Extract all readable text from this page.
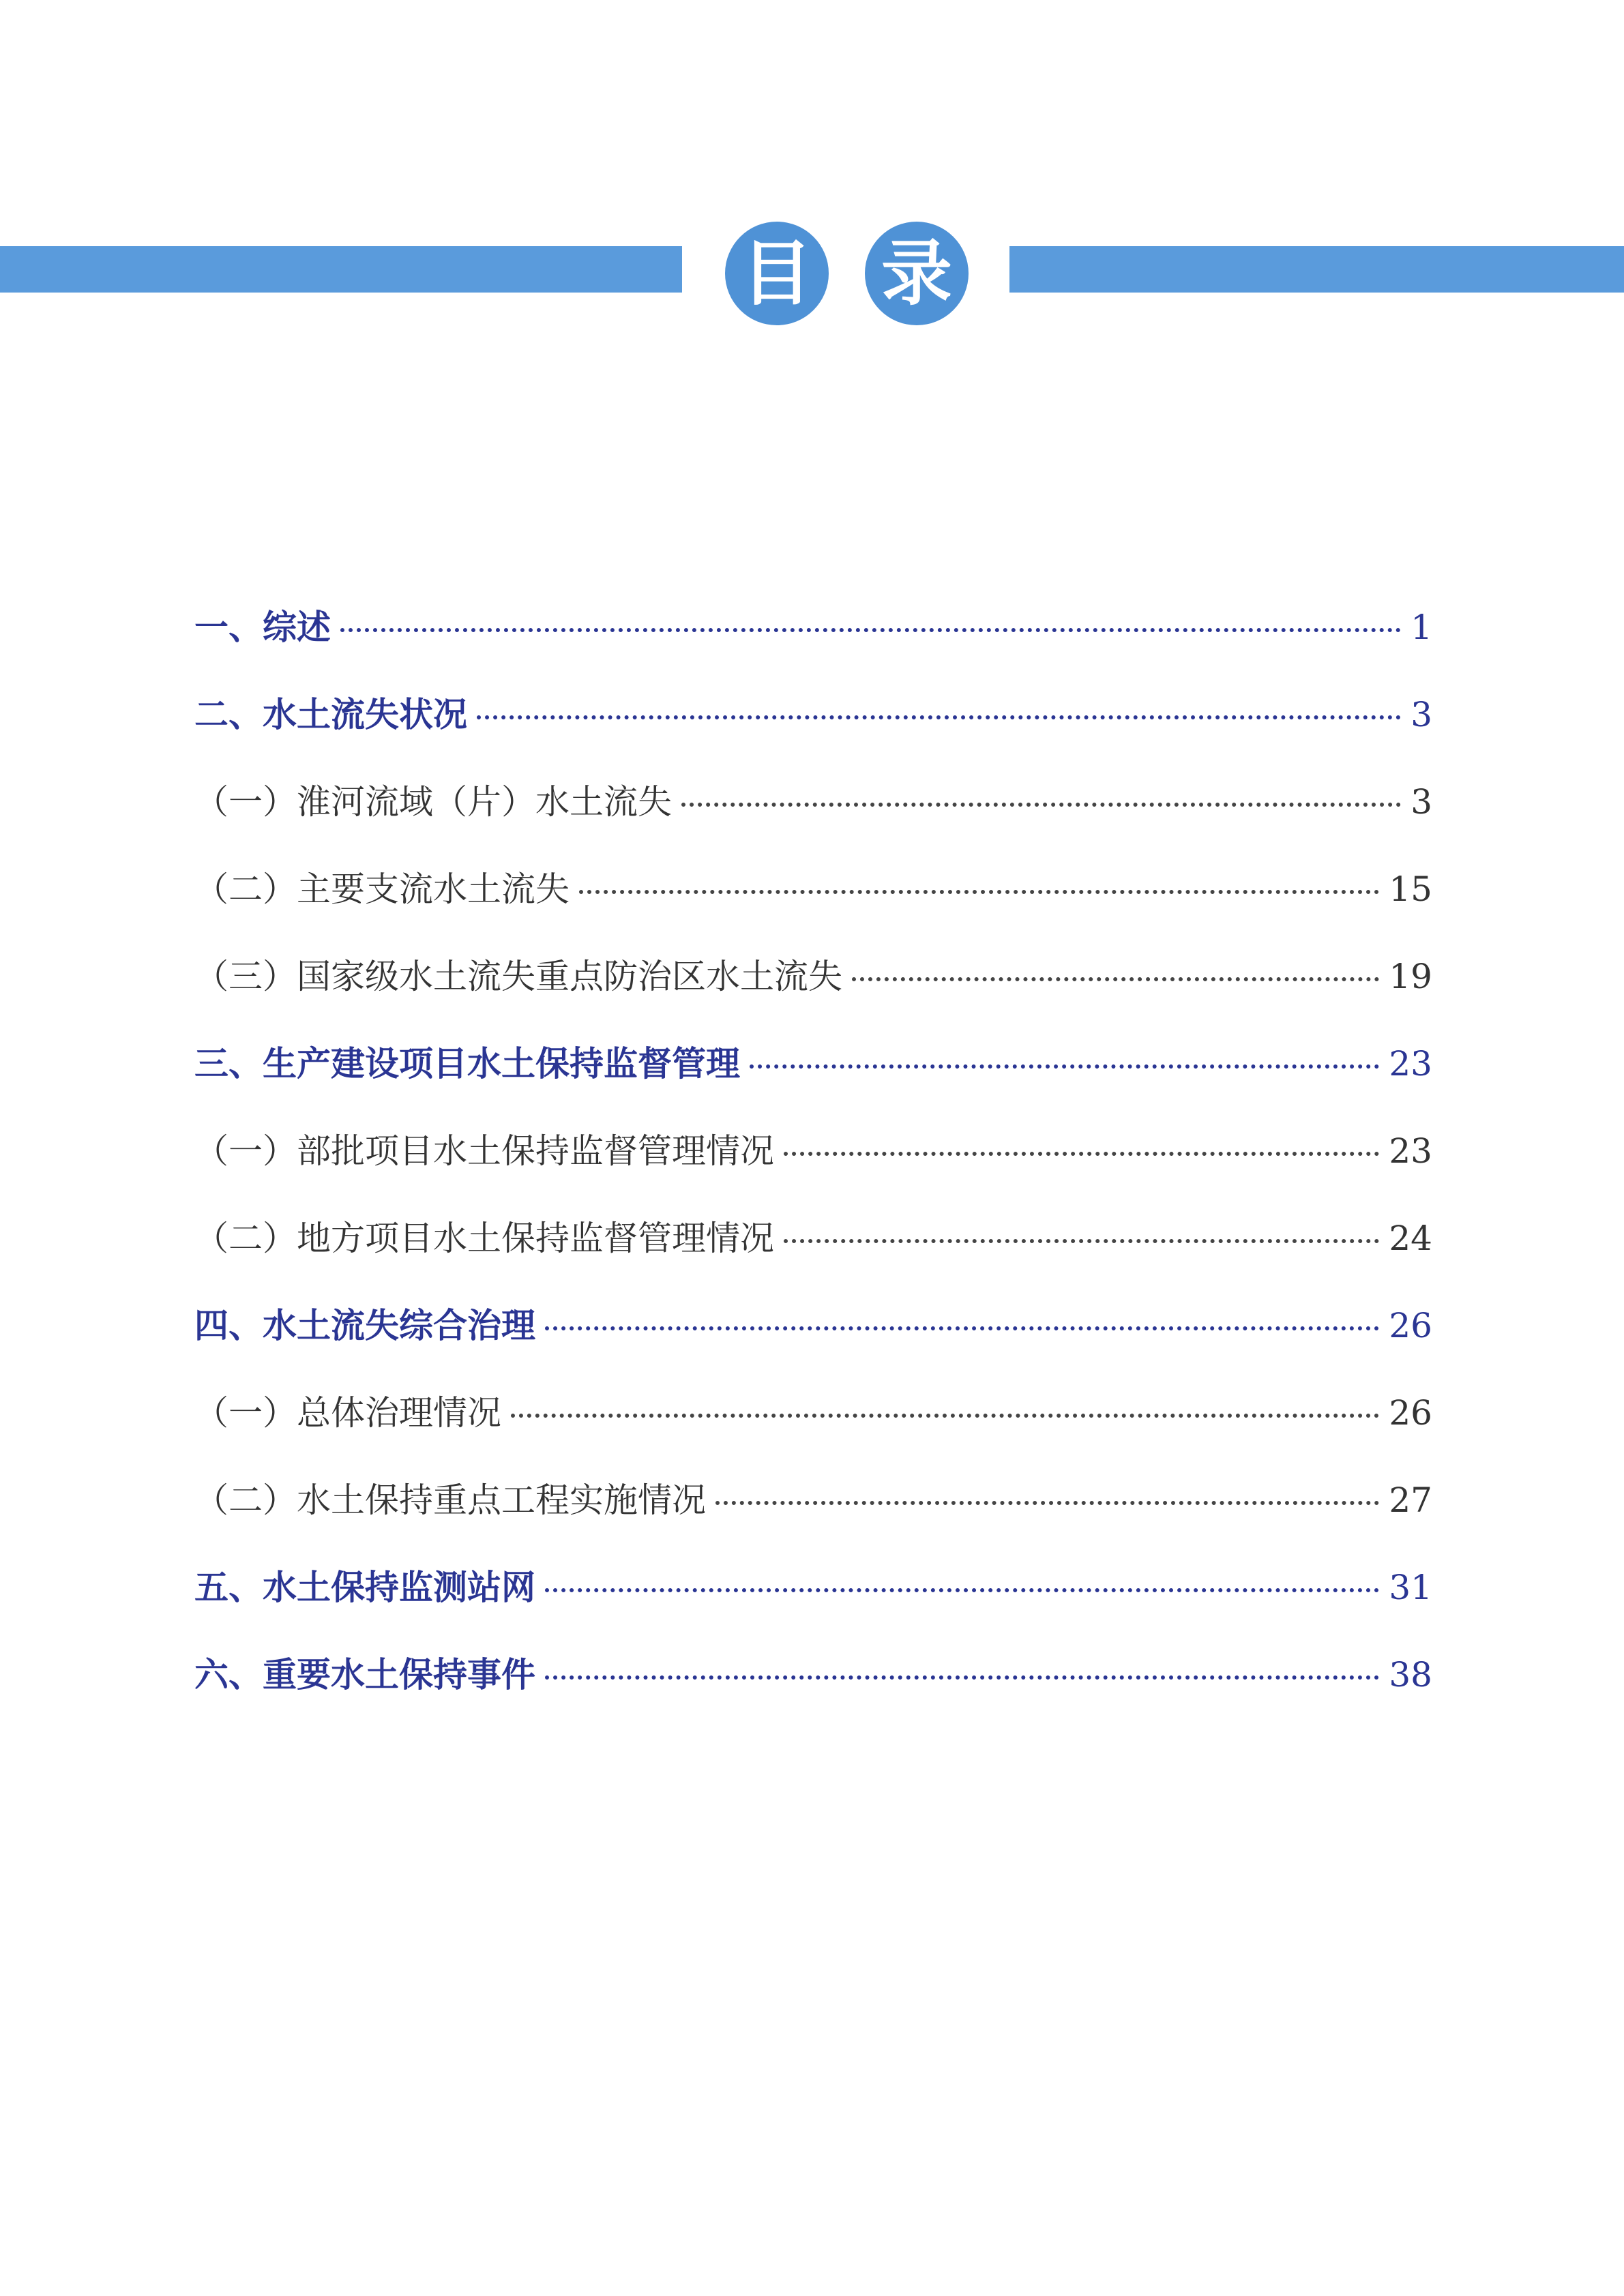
目 录
一、综述	1
二、水土流失状况	3
（一）淮河流域（片）水土流失	3
（二）主要支流水土流失	15
（三）国家级水土流失重点防治区水土流失	19
三、生产建设项目水土保持监督管理	23
（一）部批项目水土保持监督管理情况	23
（二）地方项目水土保持监督管理情况	24
四、水土流失综合治理	26
（一）总体治理情况	26
（二）水土保持重点工程实施情况	27
五、水土保持监测站网	31
六、重要水土保持事件	38
